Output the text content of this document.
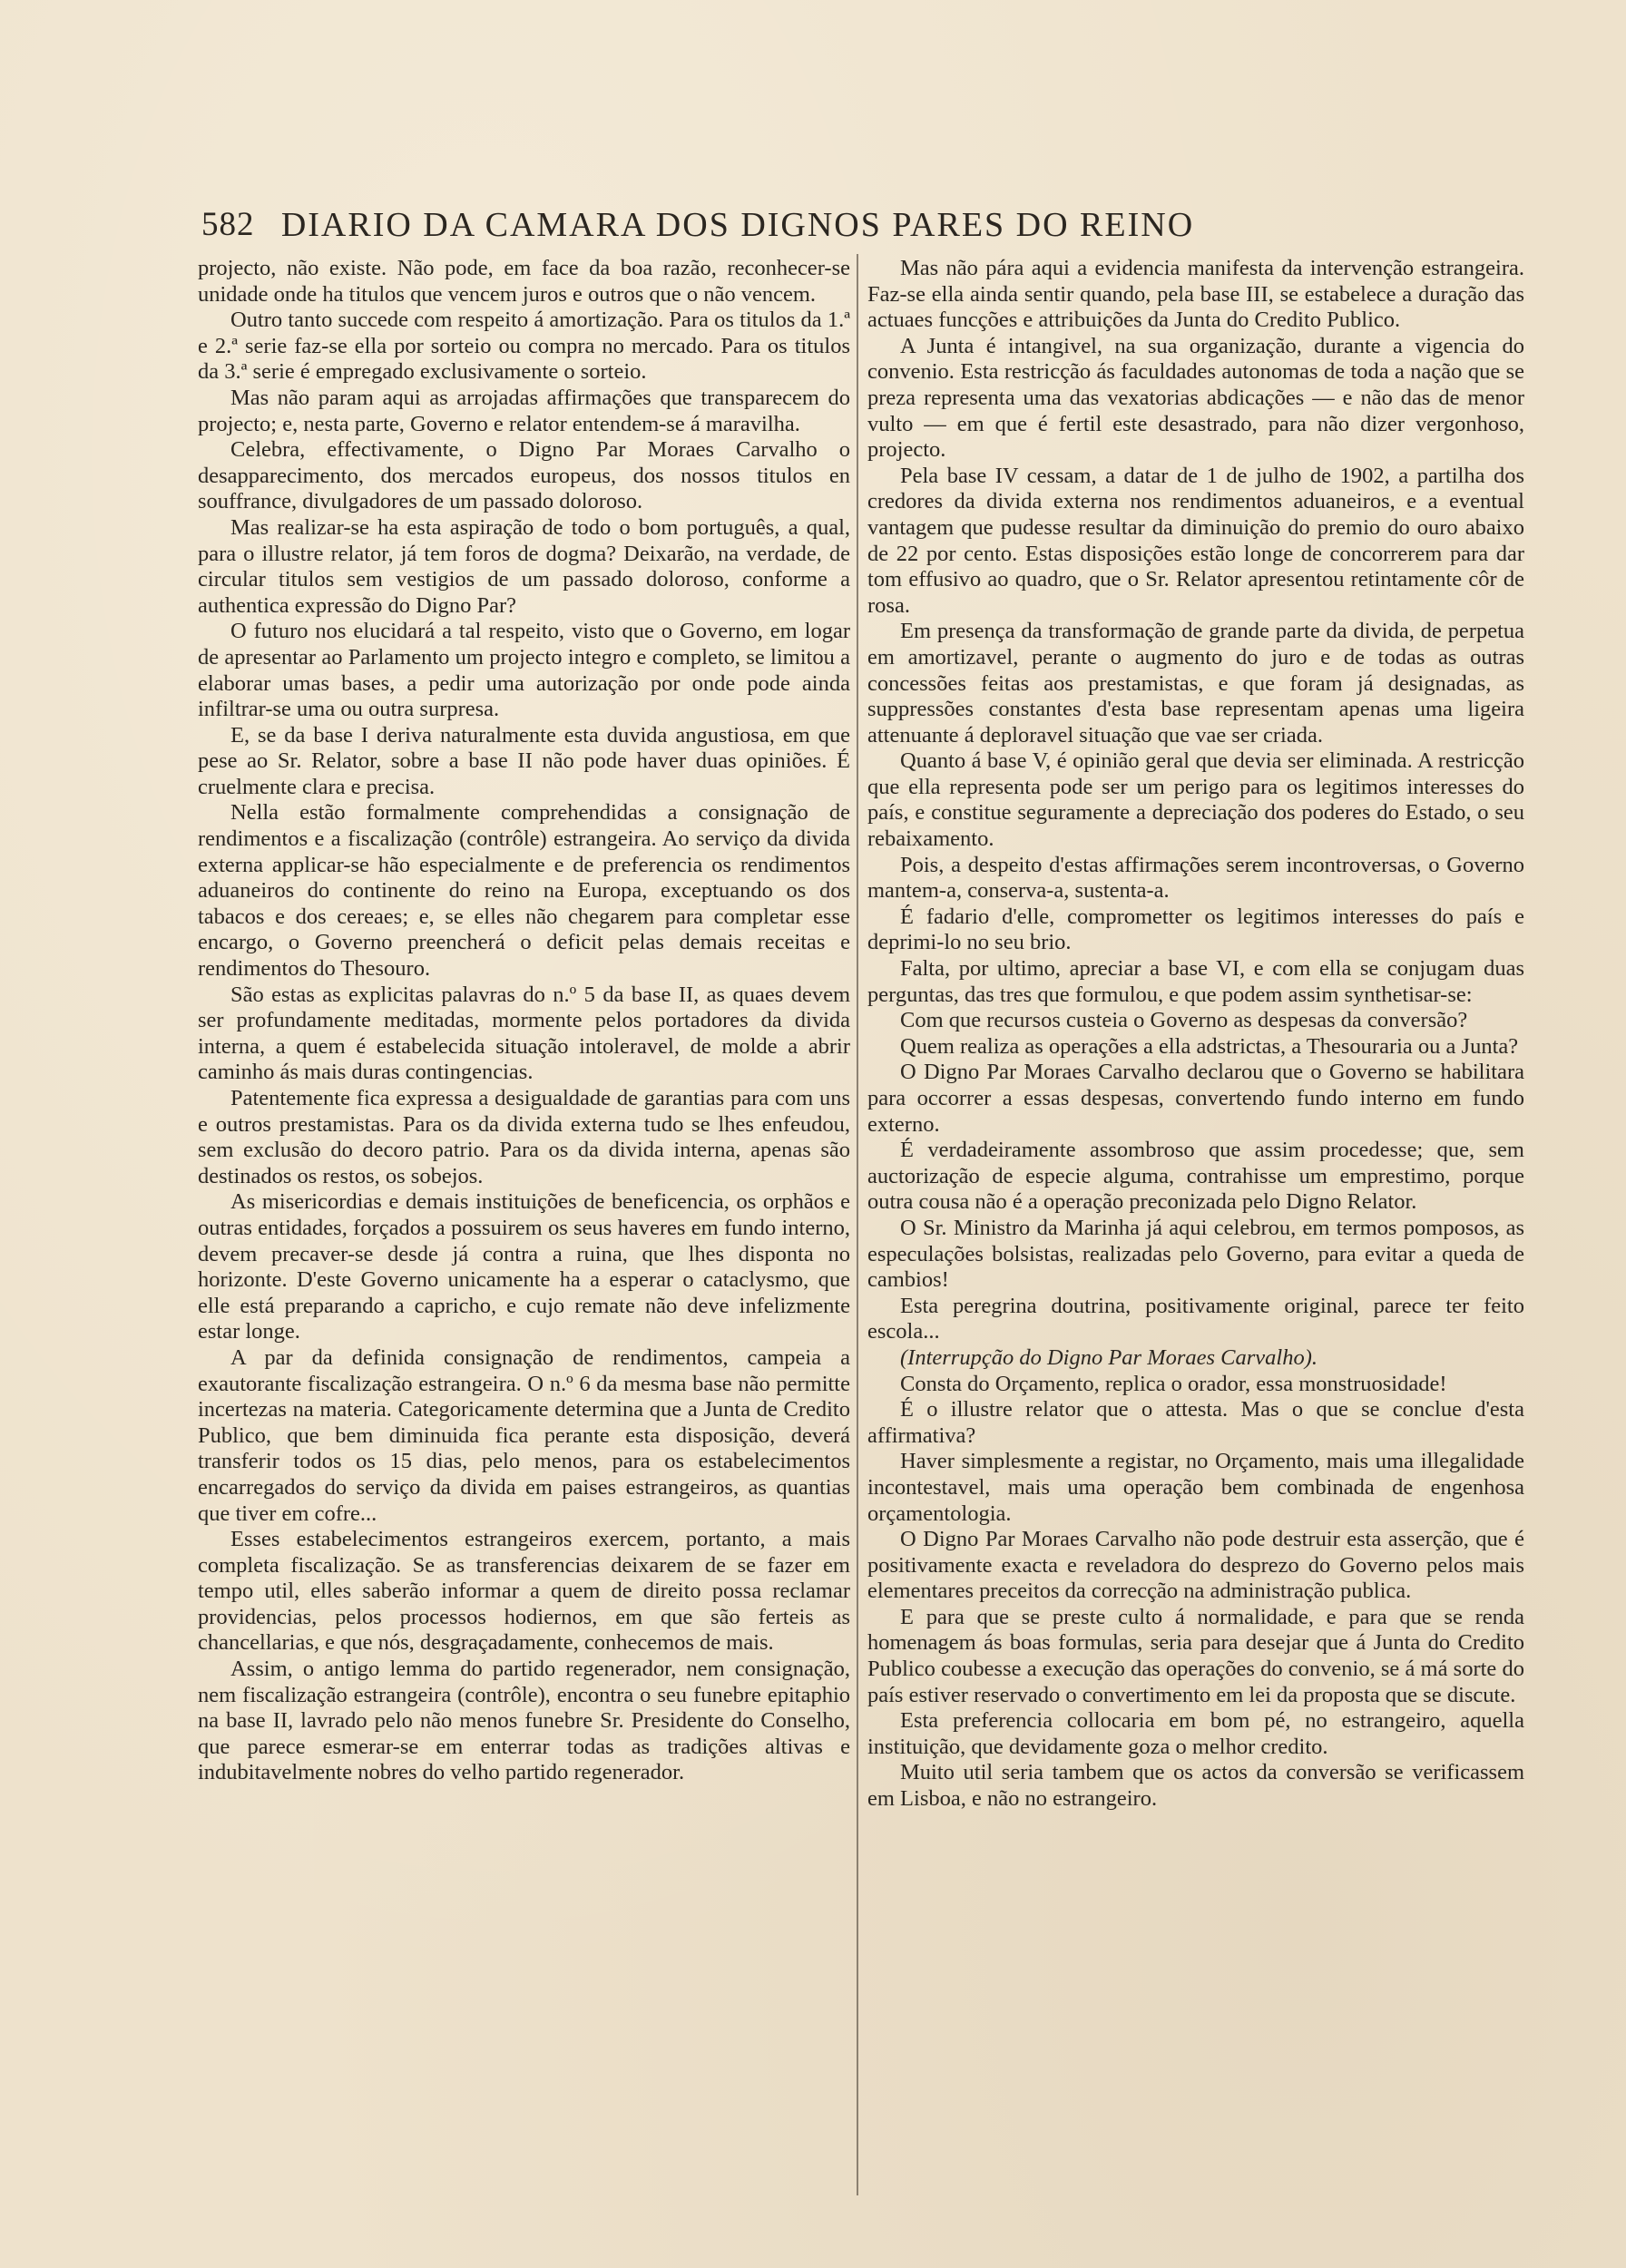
582 DIARIO DA CAMARA DOS DIGNOS PARES DO REINO

projecto, não existe. Não pode, em face da boa razão, reconhecer-se unidade onde ha titulos que vencem juros e outros que o não vencem.

Outro tanto succede com respeito á amortização. Para os titulos da 1.ª e 2.ª serie faz-se ella por sorteio ou compra no mercado. Para os titulos da 3.ª serie é empregado exclusivamente o sorteio.

Mas não param aqui as arrojadas affirmações que transparecem do projecto; e, nesta parte, Governo e relator entendem-se á maravilha.

Celebra, effectivamente, o Digno Par Moraes Carvalho o desapparecimento, dos mercados europeus, dos nossos titulos en souffrance, divulgadores de um passado doloroso.

Mas realizar-se ha esta aspiração de todo o bom português, a qual, para o illustre relator, já tem foros de dogma? Deixarão, na verdade, de circular titulos sem vestigios de um passado doloroso, conforme a authentica expressão do Digno Par?

O futuro nos elucidará a tal respeito, visto que o Governo, em logar de apresentar ao Parlamento um projecto integro e completo, se limitou a elaborar umas bases, a pedir uma autorização por onde pode ainda infiltrar-se uma ou outra surpresa.

E, se da base I deriva naturalmente esta duvida angustiosa, em que pese ao Sr. Relator, sobre a base II não pode haver duas opiniões. É cruelmente clara e precisa.

Nella estão formalmente comprehendidas a consignação de rendimentos e a fiscalização (contrôle) estrangeira. Ao serviço da divida externa applicar-se hão especialmente e de preferencia os rendimentos aduaneiros do continente do reino na Europa, exceptuando os dos tabacos e dos cereaes; e, se elles não chegarem para completar esse encargo, o Governo preencherá o deficit pelas demais receitas e rendimentos do Thesouro.

São estas as explicitas palavras do n.º 5 da base II, as quaes devem ser profundamente meditadas, mormente pelos portadores da divida interna, a quem é estabelecida situação intoleravel, de molde a abrir caminho ás mais duras contingencias.

Patentemente fica expressa a desigualdade de garantias para com uns e outros prestamistas. Para os da divida externa tudo se lhes enfeudou, sem exclusão do decoro patrio. Para os da divida interna, apenas são destinados os restos, os sobejos.

As misericordias e demais instituições de beneficencia, os orphãos e outras entidades, forçados a possuirem os seus haveres em fundo interno, devem precaver-se desde já contra a ruina, que lhes disponta no horizonte. D'este Governo unicamente ha a esperar o cataclysmo, que elle está preparando a capricho, e cujo remate não deve infelizmente estar longe.

A par da definida consignação de rendimentos, campeia a exautorante fiscalização estrangeira. O n.º 6 da mesma base não permitte incertezas na materia. Categoricamente determina que a Junta de Credito Publico, que bem diminuida fica perante esta disposição, deverá transferir todos os 15 dias, pelo menos, para os estabelecimentos encarregados do serviço da divida em paises estrangeiros, as quantias que tiver em cofre...

Esses estabelecimentos estrangeiros exercem, portanto, a mais completa fiscalização. Se as transferencias deixarem de se fazer em tempo util, elles saberão informar a quem de direito possa reclamar providencias, pelos processos hodiernos, em que são ferteis as chancellarias, e que nós, desgraçadamente, conhecemos de mais.

Assim, o antigo lemma do partido regenerador, nem consignação, nem fiscalização estrangeira (contrôle), encontra o seu funebre epitaphio na base II, lavrado pelo não menos funebre Sr. Presidente do Conselho, que parece esmerar-se em enterrar todas as tradições altivas e indubitavelmente nobres do velho partido regenerador.

Mas não pára aqui a evidencia manifesta da intervenção estrangeira. Faz-se ella ainda sentir quando, pela base III, se estabelece a duração das actuaes funcções e attribuições da Junta do Credito Publico.

A Junta é intangivel, na sua organização, durante a vigencia do convenio. Esta restricção ás faculdades autonomas de toda a nação que se preza representa uma das vexatorias abdicações — e não das de menor vulto — em que é fertil este desastrado, para não dizer vergonhoso, projecto.

Pela base IV cessam, a datar de 1 de julho de 1902, a partilha dos credores da divida externa nos rendimentos aduaneiros, e a eventual vantagem que pudesse resultar da diminuição do premio do ouro abaixo de 22 por cento. Estas disposições estão longe de concorrerem para dar tom effusivo ao quadro, que o Sr. Relator apresentou retintamente côr de rosa.

Em presença da transformação de grande parte da divida, de perpetua em amortizavel, perante o augmento do juro e de todas as outras concessões feitas aos prestamistas, e que foram já designadas, as suppressões constantes d'esta base representam apenas uma ligeira attenuante á deploravel situação que vae ser criada.

Quanto á base V, é opinião geral que devia ser eliminada. A restricção que ella representa pode ser um perigo para os legitimos interesses do país, e constitue seguramente a depreciação dos poderes do Estado, o seu rebaixamento.

Pois, a despeito d'estas affirmações serem incontroversas, o Governo mantem-a, conserva-a, sustenta-a.

É fadario d'elle, comprometter os legitimos interesses do país e deprimi-lo no seu brio.

Falta, por ultimo, apreciar a base VI, e com ella se conjugam duas perguntas, das tres que formulou, e que podem assim synthetisar-se:

Com que recursos custeia o Governo as despesas da conversão?

Quem realiza as operações a ella adstrictas, a Thesouraria ou a Junta?

O Digno Par Moraes Carvalho declarou que o Governo se habilitara para occorrer a essas despesas, convertendo fundo interno em fundo externo.

É verdadeiramente assombroso que assim procedesse; que, sem auctorização de especie alguma, contrahisse um emprestimo, porque outra cousa não é a operação preconizada pelo Digno Relator.

O Sr. Ministro da Marinha já aqui celebrou, em termos pomposos, as especulações bolsistas, realizadas pelo Governo, para evitar a queda de cambios!

Esta peregrina doutrina, positivamente original, parece ter feito escola...

(Interrupção do Digno Par Moraes Carvalho).

Consta do Orçamento, replica o orador, essa monstruosidade!

É o illustre relator que o attesta. Mas o que se conclue d'esta affirmativa?

Haver simplesmente a registar, no Orçamento, mais uma illegalidade incontestavel, mais uma operação bem combinada de engenhosa orçamentologia.

O Digno Par Moraes Carvalho não pode destruir esta asserção, que é positivamente exacta e reveladora do desprezo do Governo pelos mais elementares preceitos da correcção na administração publica.

E para que se preste culto á normalidade, e para que se renda homenagem ás boas formulas, seria para desejar que á Junta do Credito Publico coubesse a execução das operações do convenio, se á má sorte do país estiver reservado o convertimento em lei da proposta que se discute.

Esta preferencia collocaria em bom pé, no estrangeiro, aquella instituição, que devidamente goza o melhor credito.

Muito util seria tambem que os actos da conversão se verificassem em Lisboa, e não no estrangeiro.
